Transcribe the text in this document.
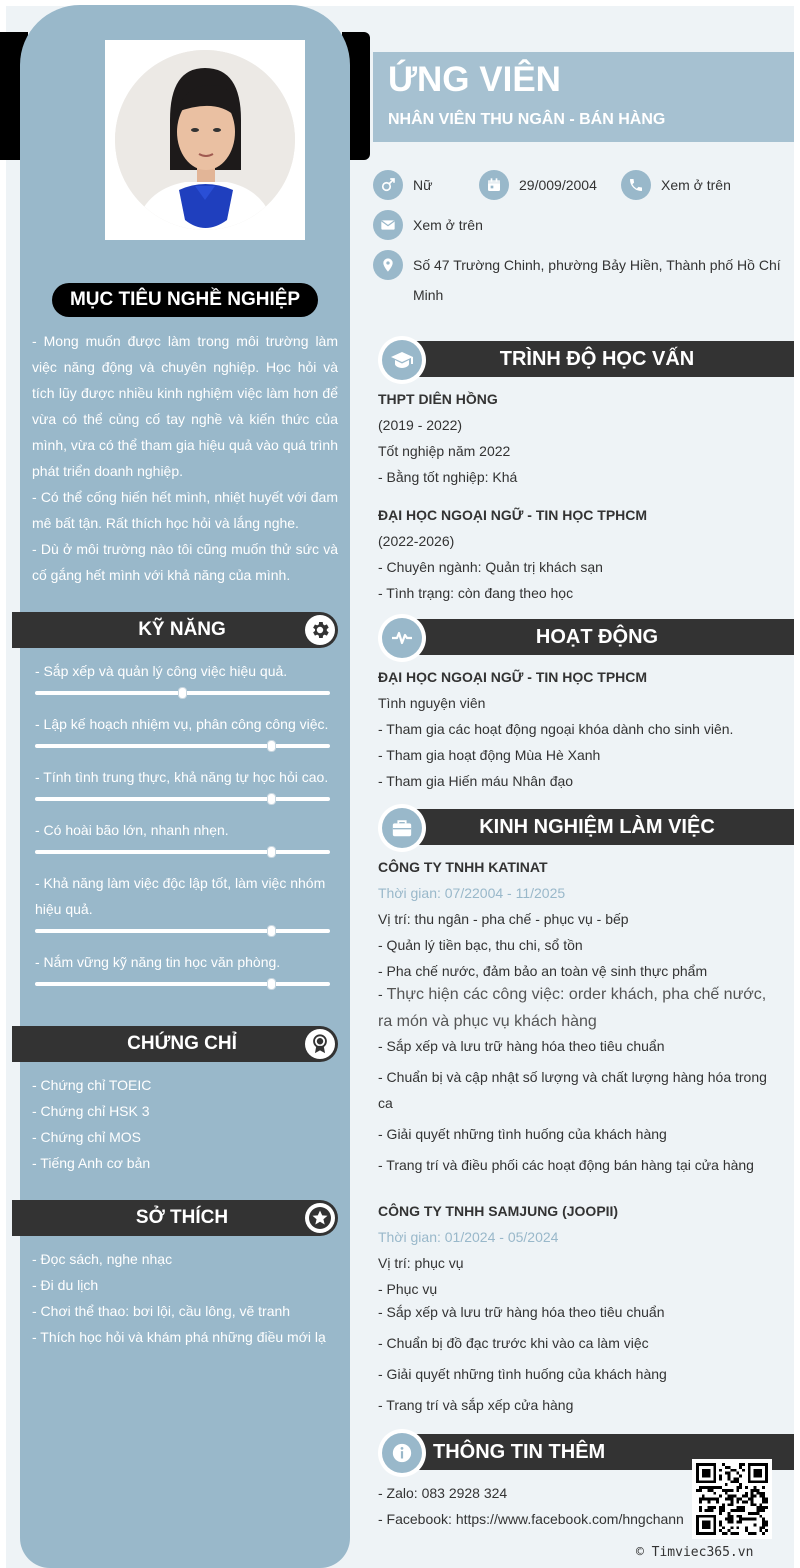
MỤC TIÊU NGHỀ NGHIỆP
- Mong muốn được làm trong môi trường làm việc năng động và chuyên nghiệp. Học hỏi và tích lũy được nhiều kinh nghiệm việc làm hơn để vừa có thể củng cố tay nghề và kiến thức của mình, vừa có thể tham gia hiệu quả vào quá trình phát triển doanh nghiệp.
- Có thể cống hiến hết mình, nhiệt huyết với đam mê bất tận. Rất thích học hỏi và lắng nghe.
- Dù ở môi trường nào tôi cũng muốn thử sức và cố gắng hết mình với khả năng của mình.
KỸ NĂNG
- Sắp xếp và quản lý công việc hiệu quả.
- Lập kế hoạch nhiệm vụ, phân công công việc.
- Tính tình trung thực, khả năng tự học hỏi cao.
- Có hoài bão lớn, nhanh nhẹn.
- Khả năng làm việc độc lập tốt, làm việc nhóm hiệu quả.
- Nắm vững kỹ năng tin học văn phòng.
CHỨNG CHỈ
- Chứng chỉ TOEIC
- Chứng chỉ HSK 3
- Chứng chỉ MOS
- Tiếng Anh cơ bản
SỞ THÍCH
- Đọc sách, nghe nhạc
- Đi du lịch
- Chơi thể thao: bơi lội, cầu lông, vẽ tranh
- Thích học hỏi và khám phá những điều mới lạ
ỨNG VIÊN
NHÂN VIÊN THU NGÂN - BÁN HÀNG
Nữ	29/009/2004	Xem ở trên
Xem ở trên
Số 47 Trường Chinh, phường Bảy Hiền, Thành phố Hồ Chí
Minh
TRÌNH ĐỘ HỌC VẤN
THPT DIÊN HỒNG
(2019 - 2022)
Tốt nghiệp năm 2022
- Bằng tốt nghiệp: Khá
ĐẠI HỌC NGOẠI NGỮ - TIN HỌC TPHCM
(2022-2026)
- Chuyên ngành: Quản trị khách sạn
- Tình trạng: còn đang theo học
HOẠT ĐỘNG
ĐẠI HỌC NGOẠI NGỮ - TIN HỌC TPHCM
Tình nguyện viên
- Tham gia các hoạt động ngoại khóa dành cho sinh viên.
- Tham gia hoạt động Mùa Hè Xanh
- Tham gia Hiến máu Nhân đạo
KINH NGHIỆM LÀM VIỆC
CÔNG TY TNHH KATINAT
Thời gian: 07/22004 - 11/2025
Vị trí: thu ngân - pha chế - phục vụ - bếp
- Quản lý tiền bạc, thu chi, sổ tồn
- Pha chế nước, đảm bảo an toàn vệ sinh thực phẩm
- Thực hiện các công việc: order khách, pha chế nước, ra món và phục vụ khách hàng
- Sắp xếp và lưu trữ hàng hóa theo tiêu chuẩn
- Chuẩn bị và cập nhật số lượng và chất lượng hàng hóa trong ca
- Giải quyết những tình huống của khách hàng
- Trang trí và điều phối các hoạt động bán hàng tại cửa hàng
CÔNG TY TNHH SAMJUNG (JOOPII)
Thời gian: 01/2024 - 05/2024
Vị trí: phục vụ
- Phục vụ
- Sắp xếp và lưu trữ hàng hóa theo tiêu chuẩn
- Chuẩn bị đồ đạc trước khi vào ca làm việc
- Giải quyết những tình huống của khách hàng
- Trang trí và sắp xếp cửa hàng
THÔNG TIN THÊM
- Zalo: 083 2928 324
- Facebook: https://www.facebook.com/hngchann
© Timviec365.vn
